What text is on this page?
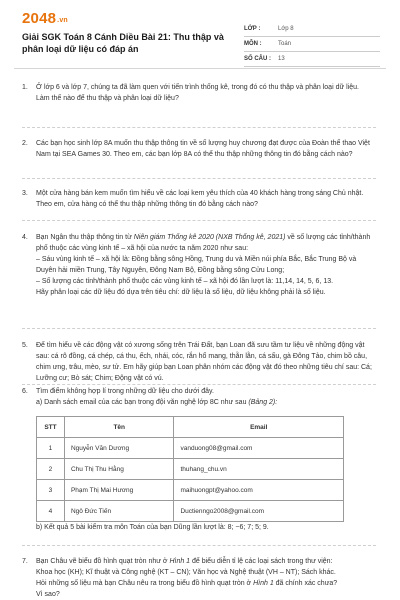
2048.vn
Giải SGK Toán 8 Cánh Diều Bài 21: Thu thập và phân loại dữ liệu có đáp án
LỚP :	Lớp 8
MÔN :	Toán
SỐ CÂU :	13
1.	Ở lớp 6 và lớp 7, chúng ta đã làm quen với tiến trình thống kê, trong đó có thu thập và phân loại dữ liệu.

Làm thế nào để thu thập và phân loại dữ liệu?

2.	Các bạn học sinh lớp 8A muốn thu thập thông tin về số lượng huy chương đạt được của Đoàn thể thao Việt Nam tại SEA Games 30. Theo em, các bạn lớp 8A có thể thu thập những thông tin đó bằng cách nào?

3.	Một cửa hàng bán kem muốn tìm hiểu về các loại kem yêu thích của 40 khách hàng trong sáng Chủ nhật. Theo em, cửa hàng có thể thu thập những thông tin đó bằng cách nào?

4.	Bạn Ngân thu thập thông tin từ Niên giám Thống kê 2020 (NXB Thống kê, 2021) về số lượng các tỉnh/thành phố thuộc các vùng kinh tế – xã hội của nước ta năm 2020 như sau:

– Sáu vùng kinh tế – xã hội là: Đồng bằng sông Hồng, Trung du và Miền núi phía Bắc, Bắc Trung Bộ và Duyên hải miền Trung, Tây Nguyên, Đông Nam Bộ, Đồng bằng sông Cửu Long;

– Số lượng các tỉnh/thành phố thuộc các vùng kinh tế – xã hội đó lần lượt là: 11,14, 14, 5, 6, 13.

Hãy phân loại các dữ liệu đó dựa trên tiêu chí: dữ liệu là số liệu, dữ liệu không phải là số liệu.

5.	Để tìm hiểu về các động vật có xương sống trên Trái Đất, bạn Loan đã sưu tầm tư liệu về những động vật sau: cá rô đồng, cá chép, cá thu, ếch, nhái, cóc, rắn hổ mang, thằn lằn, cá sấu, gà Đông Tảo, chim bồ câu, chim ưng, trâu, mèo, sư tử. Em hãy giúp bạn Loan phân nhóm các động vật đó theo những tiêu chí sau: Cá; Lưỡng cư; Bò sát; Chim; Động vật có vú.

6.	Tìm điểm không hợp lí trong những dữ liệu cho dưới đây.

a) Danh sách email của các bạn trong đội văn nghệ lớp 8C như sau (Bảng 2):

STT	Tên	Email
1	Nguyễn Văn Dương	vanduong08@gmail.com
2	Chu Thị Thu Hằng	thuhang_chu.vn
3	Phạm Thị Mai Hương	maihuongpt@yahoo.com
4	Ngô Đức Tiến	Ductienngo2008@gmail.com

b) Kết quả 5 bài kiểm tra môn Toán của bạn Dũng lần lượt là: 8; −6; 7; 5; 9.

7.	Bạn Châu vẽ biểu đồ hình quạt tròn như ở Hình 1 để biểu diễn tỉ lệ các loại sách trong thư viện:

Khoa học (KH); Kĩ thuật và Công nghệ (KT – CN); Văn học và Nghệ thuật (VH – NT); Sách khác.

Hỏi những số liệu mà bạn Châu nêu ra trong biểu đồ hình quạt tròn ở Hình 1 đã chính xác chưa?

Vì sao?
